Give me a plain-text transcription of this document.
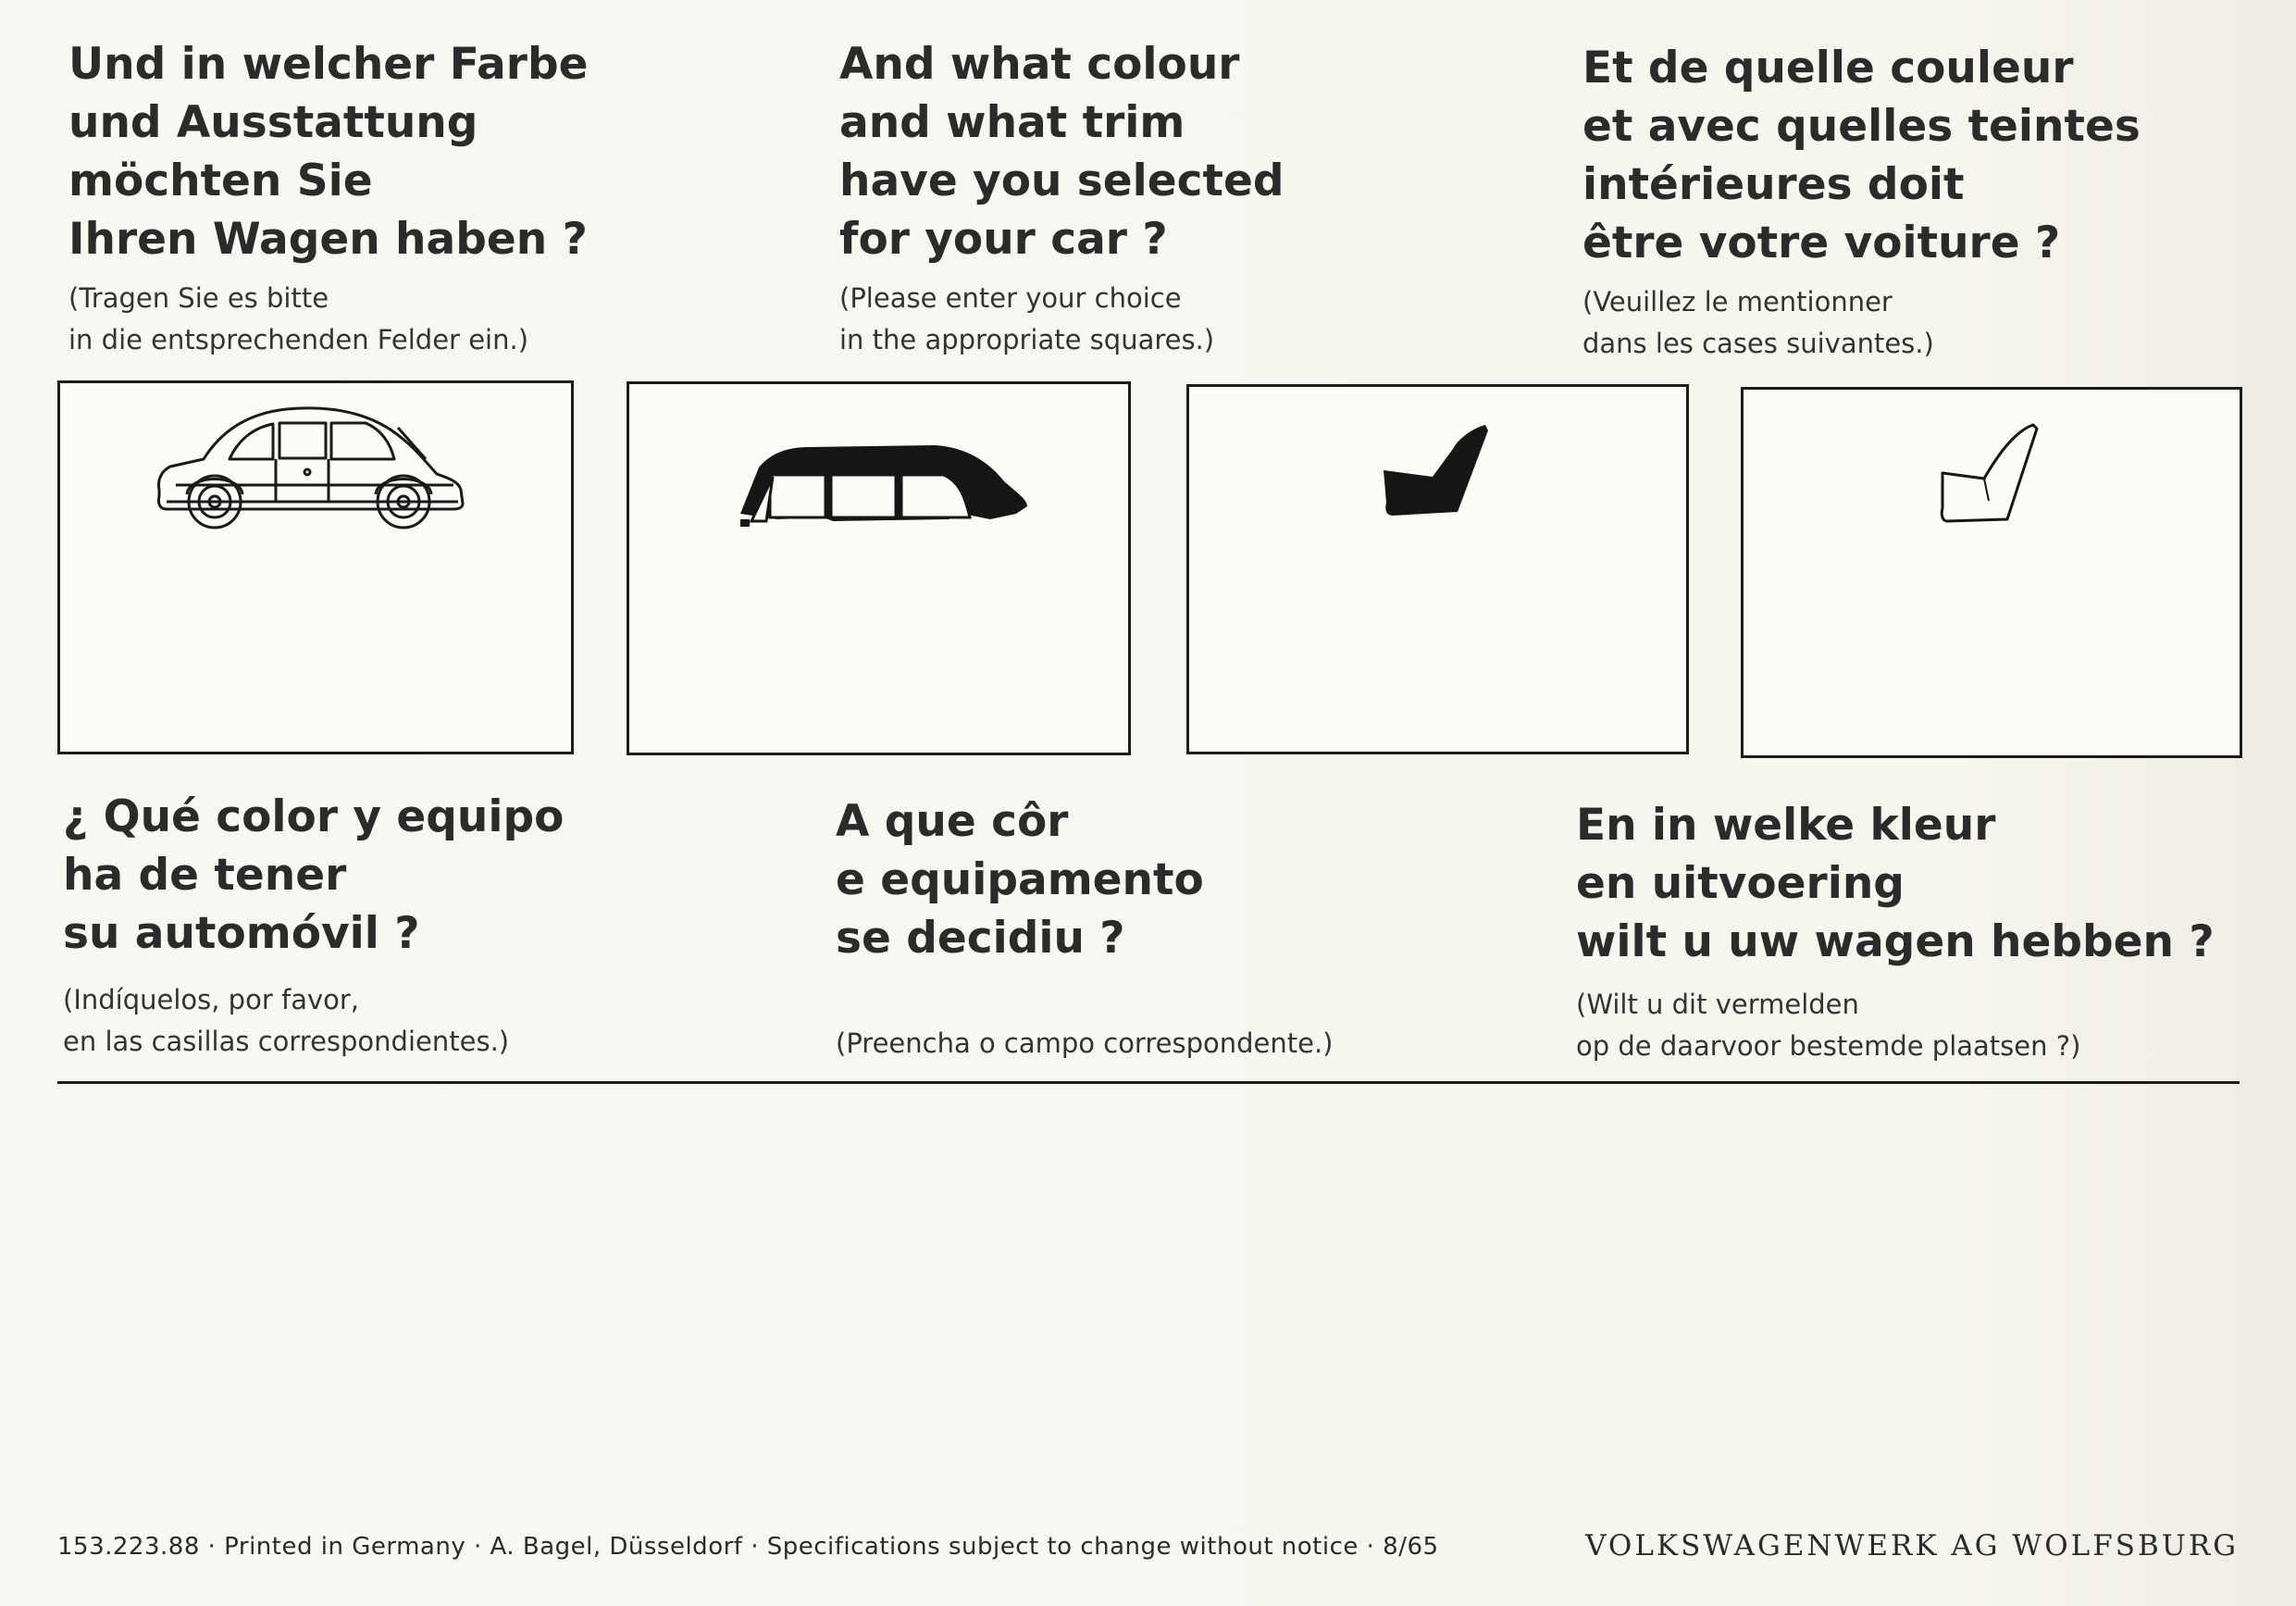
Und in welcher Farbe
und Ausstattung
möchten Sie
Ihren Wagen haben ?

(Tragen Sie es bitte
in die entsprechenden Felder ein.)

And what colour
and what trim
have you selected
for your car ?

(Please enter your choice
in the appropriate squares.)

Et de quelle couleur
et avec quelles teintes
intérieures doit
être votre voiture ?

(Veuillez le mentionner
dans les cases suivantes.)

¿ Qué color y equipo
ha de tener
su automóvil ?

(Indíquelos, por favor,
en las casillas correspondientes.)

A que côr
e equipamento
se decidiu ?

(Preencha o campo correspondente.)

En in welke kleur
en uitvoering
wilt u uw wagen hebben ?

(Wilt u dit vermelden
op de daarvoor bestemde plaatsen ?)

153.223.88 · Printed in Germany · A. Bagel, Düsseldorf · Specifications subject to change without notice · 8/65	VOLKSWAGENWERK AG WOLFSBURG
